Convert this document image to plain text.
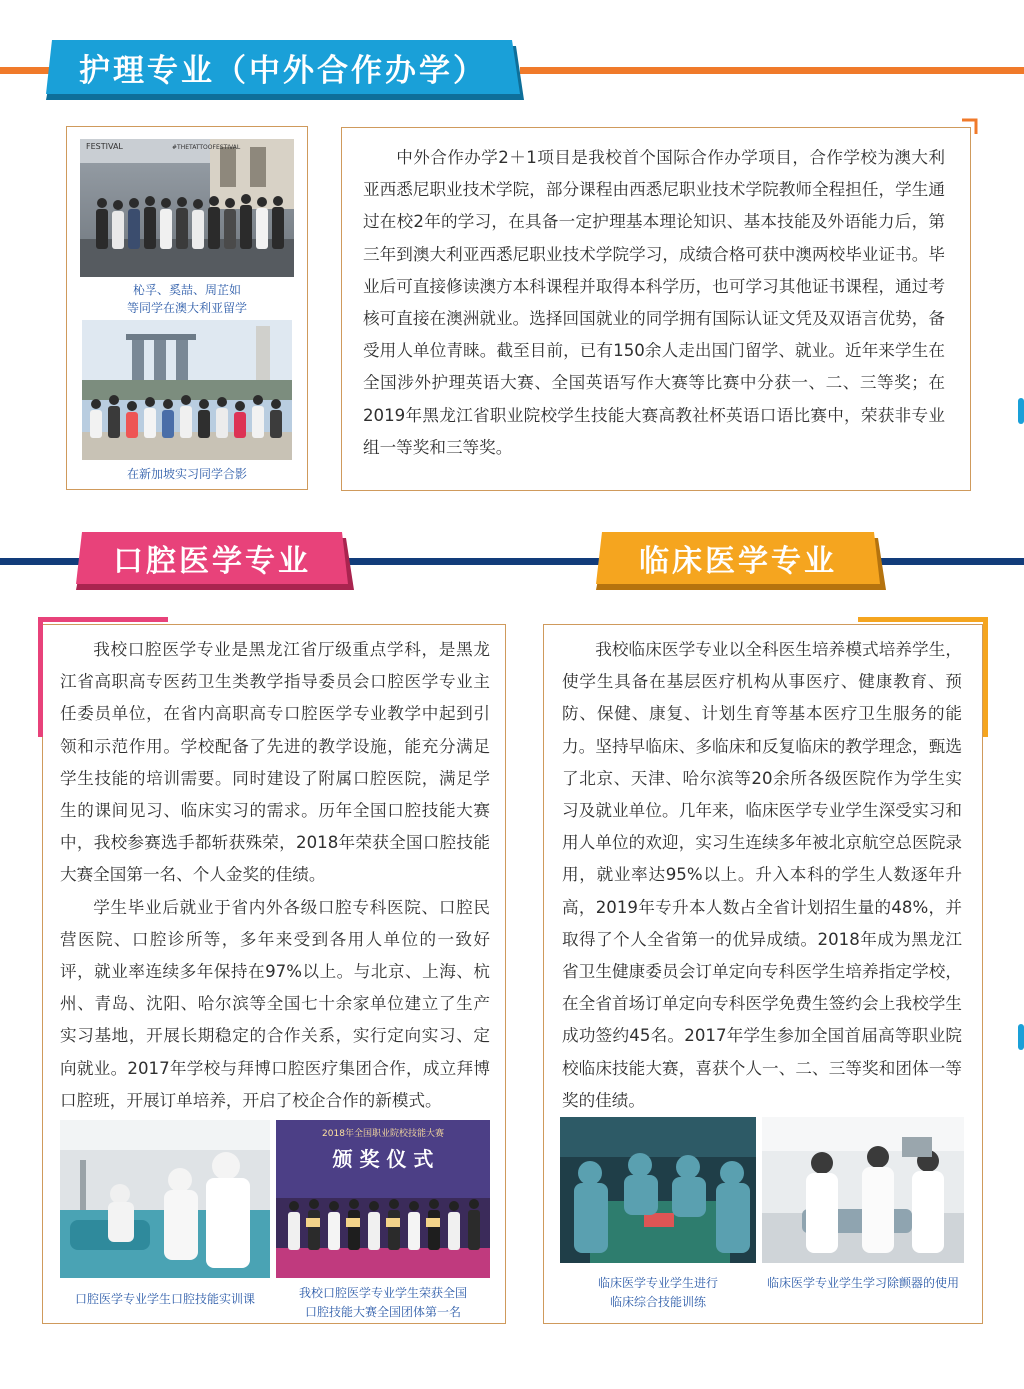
护理专业（中外合作办学）
FESTIVAL	#THETATTOOFESTIVAL
杺孚、奚喆、周芷如
等同学在澳大利亚留学
在新加坡实习同学合影

中外合作办学2＋1项目是我校首个国际合作办学项目，合作学校为澳大利亚西悉尼职业技术学院，部分课程由西悉尼职业技术学院教师全程担任，学生通过在校2年的学习，在具备一定护理基本理论知识、基本技能及外语能力后，第三年到澳大利亚西悉尼职业技术学院学习，成绩合格可获中澳两校毕业证书。毕业后可直接修读澳方本科课程并取得本科学历，也可学习其他证书课程，通过考核可直接在澳洲就业。选择回国就业的同学拥有国际认证文凭及双语言优势，备受用人单位青睐。截至目前，已有150余人走出国门留学、就业。近年来学生在全国涉外护理英语大赛、全国英语写作大赛等比赛中分获一、二、三等奖；在2019年黑龙江省职业院校学生技能大赛高教社杯英语口语比赛中，荣获非专业组一等奖和三等奖。

口腔医学专业

我校口腔医学专业是黑龙江省厅级重点学科，是黑龙江省高职高专医药卫生类教学指导委员会口腔医学专业主任委员单位，在省内高职高专口腔医学专业教学中起到引领和示范作用。学校配备了先进的教学设施，能充分满足学生技能的培训需要。同时建设了附属口腔医院，满足学生的课间见习、临床实习的需求。历年全国口腔技能大赛中，我校参赛选手都斩获殊荣，2018年荣获全国口腔技能大赛全国第一名、个人金奖的佳绩。

学生毕业后就业于省内外各级口腔专科医院、口腔民营医院、口腔诊所等，多年来受到各用人单位的一致好评，就业率连续多年保持在97%以上。与北京、上海、杭州、青岛、沈阳、哈尔滨等全国七十余家单位建立了生产实习基地，开展长期稳定的合作关系，实行定向实习、定向就业。2017年学校与拜博口腔医疗集团合作，成立拜博口腔班，开展订单培养，开启了校企合作的新模式。

2018年全国职业院校技能大赛
颁 奖 仪 式
口腔医学专业学生口腔技能实训课	我校口腔医学专业学生荣获全国
口腔技能大赛全国团体第一名
临床医学专业

我校临床医学专业以全科医生培养模式培养学生，使学生具备在基层医疗机构从事医疗、健康教育、预防、保健、康复、计划生育等基本医疗卫生服务的能力。坚持早临床、多临床和反复临床的教学理念，甄选了北京、天津、哈尔滨等20余所各级医院作为学生实习及就业单位。几年来，临床医学专业学生深受实习和用人单位的欢迎，实习生连续多年被北京航空总医院录用，就业率达95%以上。升入本科的学生人数逐年升高，2019年专升本人数占全省计划招生量的48%，并取得了个人全省第一的优异成绩。2018年成为黑龙江省卫生健康委员会订单定向专科医学生培养指定学校，在全省首场订单定向专科医学免费生签约会上我校学生成功签约45名。2017年学生参加全国首届高等职业院校临床技能大赛，喜获个人一、二、三等奖和团体一等奖的佳绩。

临床医学专业学生进行
临床综合技能训练
临床医学专业学生学习除颤器的使用
